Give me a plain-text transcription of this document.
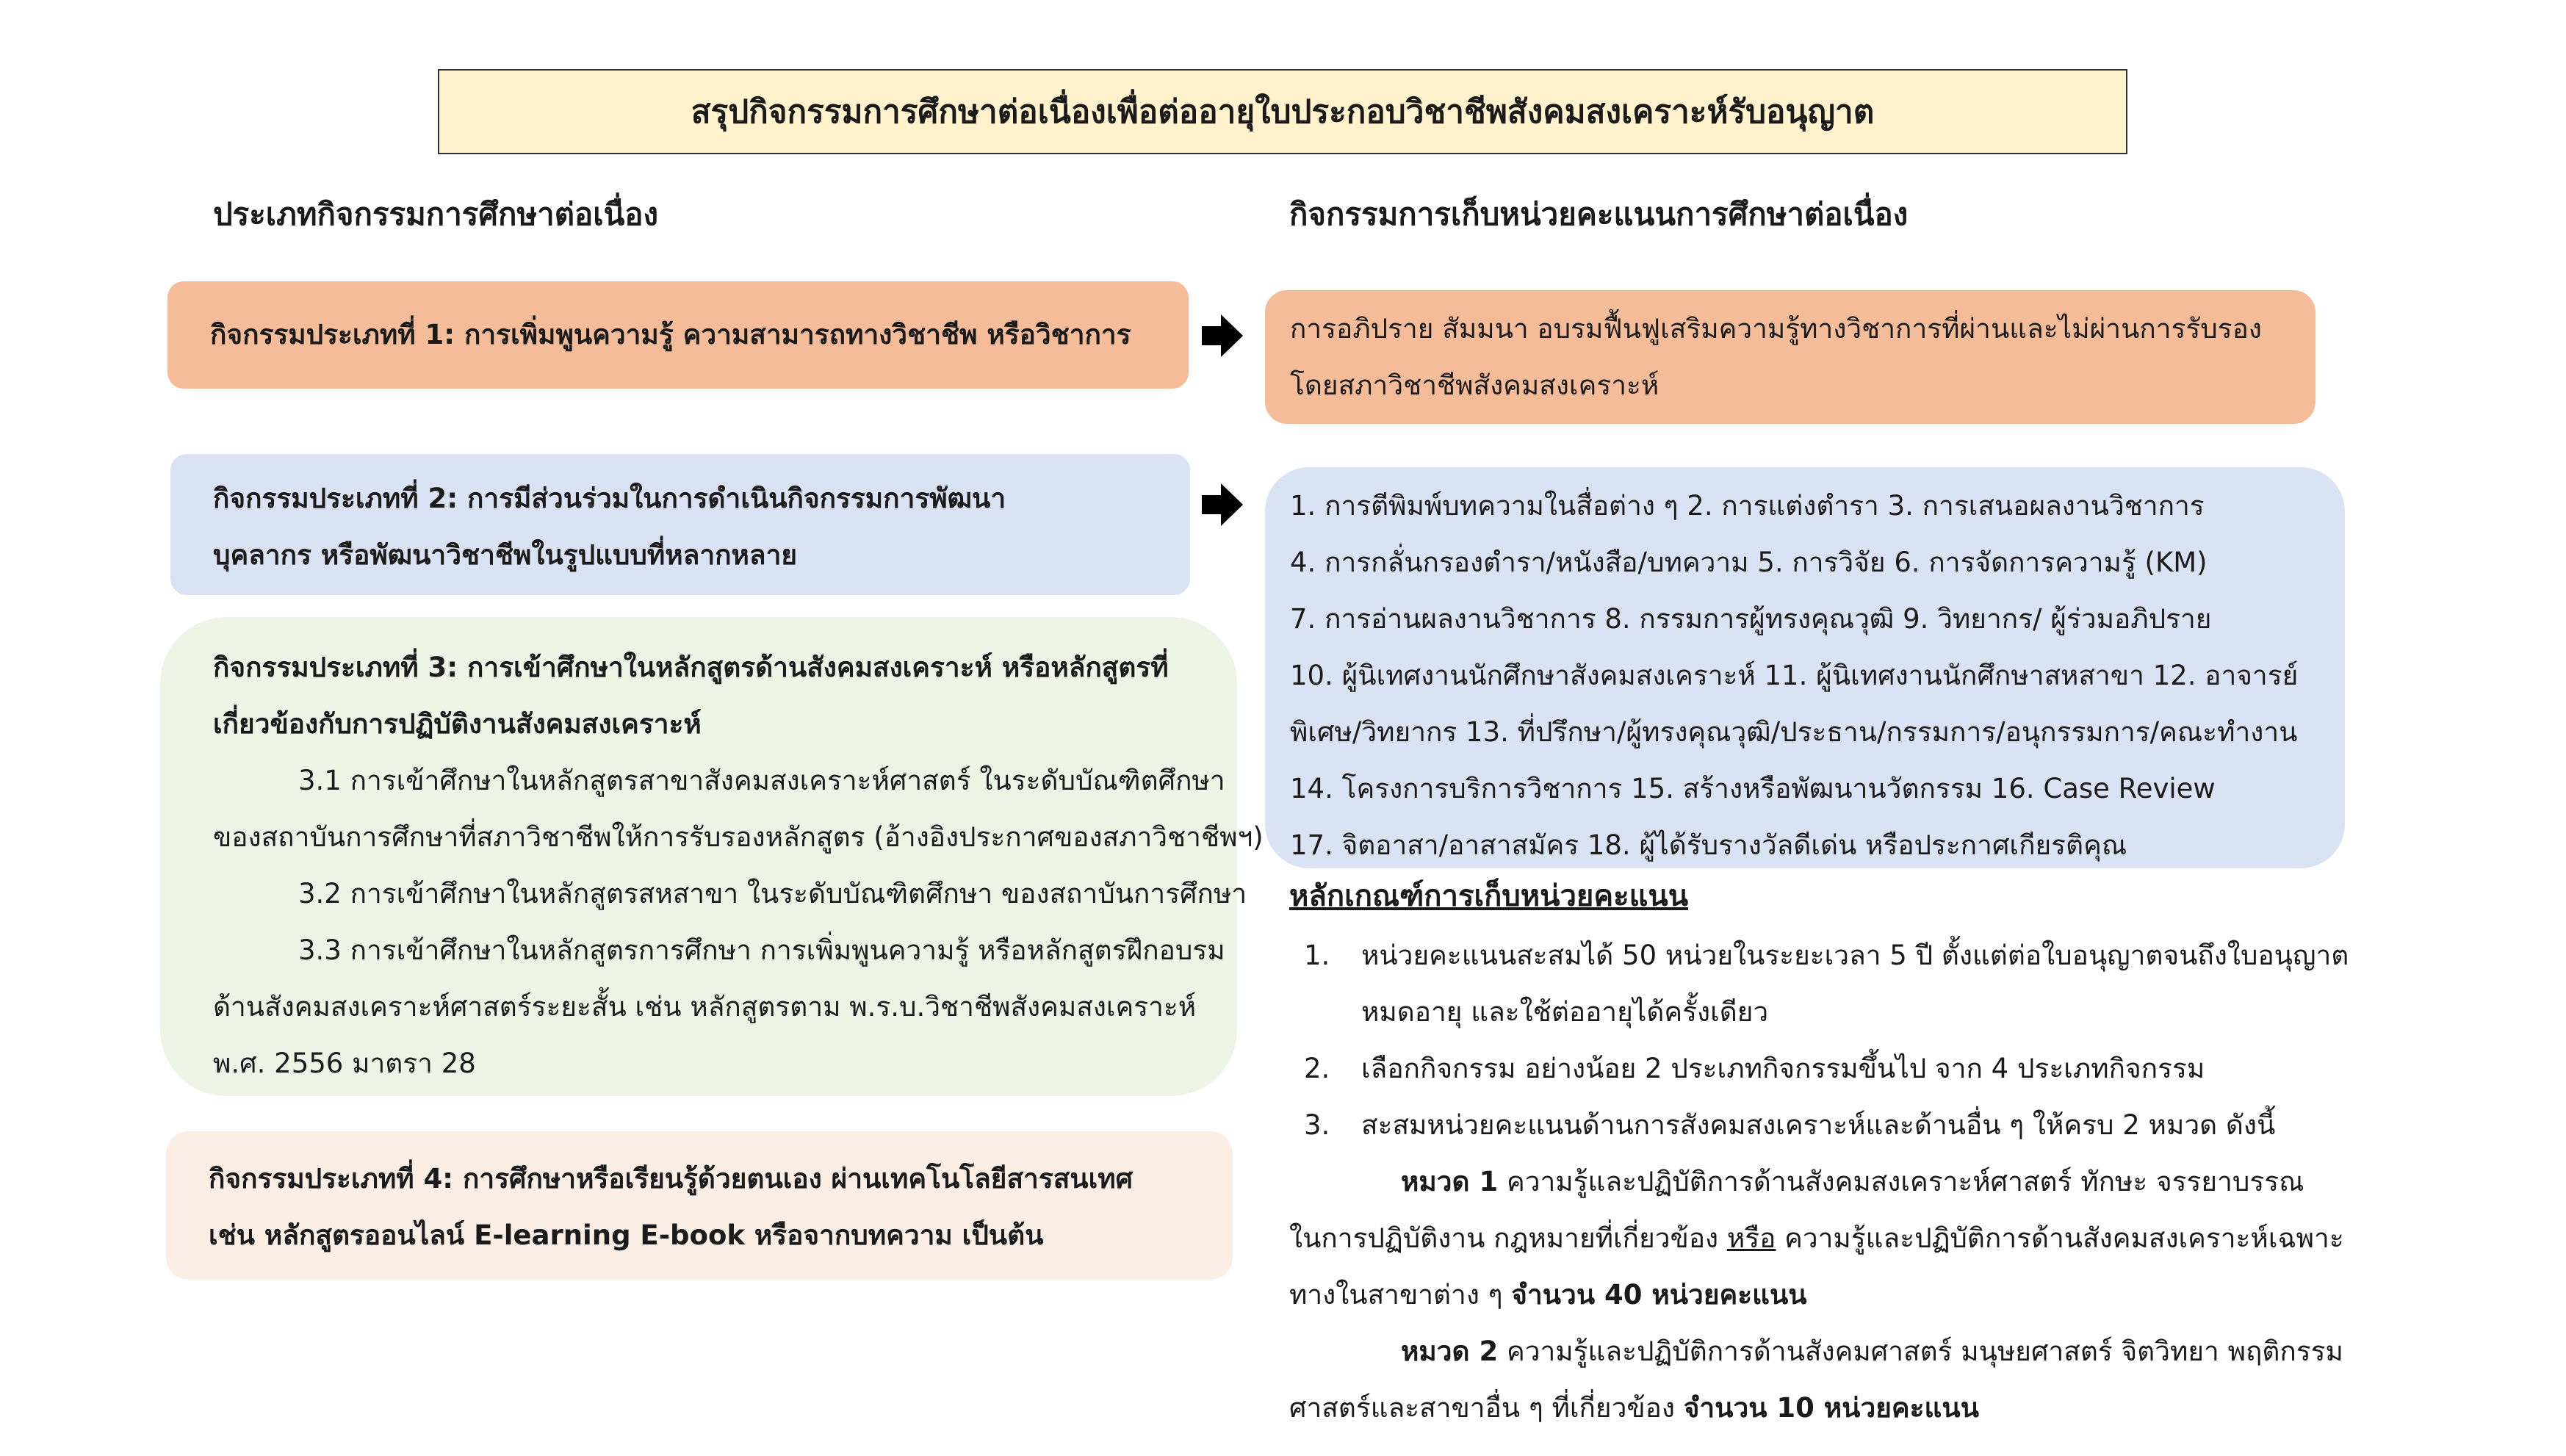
สรุปกิจกรรมการศึกษาต่อเนื่องเพื่อต่ออายุใบประกอบวิชาชีพสังคมสงเคราะห์รับอนุญาต
ประเภทกิจกรรมการศึกษาต่อเนื่อง	กิจกรรมการเก็บหน่วยคะแนนการศึกษาต่อเนื่อง
กิจกรรมประเภทที่ 1: การเพิ่มพูนความรู้ ความสามารถทางวิชาชีพ หรือวิชาการ	การอภิปราย สัมมนา อบรมฟื้นฟูเสริมความรู้ทางวิชาการที่ผ่านและไม่ผ่านการรับรอง
โดยสภาวิชาชีพสังคมสงเคราะห์
กิจกรรมประเภทที่ 2: การมีส่วนร่วมในการดำเนินกิจกรรมการพัฒนา
บุคลากร หรือพัฒนาวิชาชีพในรูปแบบที่หลากหลาย
1. การตีพิมพ์บทความในสื่อต่าง ๆ 2. การแต่งตำรา 3. การเสนอผลงานวิชาการ
4. การกลั่นกรองตำรา/หนังสือ/บทความ 5. การวิจัย 6. การจัดการความรู้ (KM)
7. การอ่านผลงานวิชาการ 8. กรรมการผู้ทรงคุณวุฒิ 9. วิทยากร/ ผู้ร่วมอภิปราย
10. ผู้นิเทศงานนักศึกษาสังคมสงเคราะห์ 11. ผู้นิเทศงานนักศึกษาสหสาขา 12. อาจารย์
พิเศษ/วิทยากร 13. ที่ปรึกษา/ผู้ทรงคุณวุฒิ/ประธาน/กรรมการ/อนุกรรมการ/คณะทำงาน
14. โครงการบริการวิชาการ 15. สร้างหรือพัฒนานวัตกรรม 16. Case Review
17. จิตอาสา/อาสาสมัคร 18. ผู้ได้รับรางวัลดีเด่น หรือประกาศเกียรติคุณ
กิจกรรมประเภทที่ 3: การเข้าศึกษาในหลักสูตรด้านสังคมสงเคราะห์ หรือหลักสูตรที่
เกี่ยวข้องกับการปฏิบัติงานสังคมสงเคราะห์
3.1 การเข้าศึกษาในหลักสูตรสาขาสังคมสงเคราะห์ศาสตร์ ในระดับบัณฑิตศึกษา
ของสถาบันการศึกษาที่สภาวิชาชีพให้การรับรองหลักสูตร (อ้างอิงประกาศของสภาวิชาชีพฯ)
3.2 การเข้าศึกษาในหลักสูตรสหสาขา ในระดับบัณฑิตศึกษา ของสถาบันการศึกษา
3.3 การเข้าศึกษาในหลักสูตรการศึกษา การเพิ่มพูนความรู้ หรือหลักสูตรฝึกอบรม
ด้านสังคมสงเคราะห์ศาสตร์ระยะสั้น เช่น หลักสูตรตาม พ.ร.บ.วิชาชีพสังคมสงเคราะห์
พ.ศ. 2556 มาตรา 28
กิจกรรมประเภทที่ 4: การศึกษาหรือเรียนรู้ด้วยตนเอง ผ่านเทคโนโลยีสารสนเทศ
เช่น หลักสูตรออนไลน์ E-learning E-book หรือจากบทความ เป็นต้น
หลักเกณฑ์การเก็บหน่วยคะแนน
1.	หน่วยคะแนนสะสมได้ 50 หน่วยในระยะเวลา 5 ปี ตั้งแต่ต่อใบอนุญาตจนถึงใบอนุญาต
หมดอายุ และใช้ต่ออายุได้ครั้งเดียว
2.	เลือกกิจกรรม อย่างน้อย 2 ประเภทกิจกรรมขึ้นไป จาก 4 ประเภทกิจกรรม
3.	สะสมหน่วยคะแนนด้านการสังคมสงเคราะห์และด้านอื่น ๆ ให้ครบ 2 หมวด ดังนี้
หมวด 1 ความรู้และปฏิบัติการด้านสังคมสงเคราะห์ศาสตร์ ทักษะ จรรยาบรรณ
ในการปฏิบัติงาน กฎหมายที่เกี่ยวข้อง หรือ ความรู้และปฏิบัติการด้านสังคมสงเคราะห์เฉพาะ
ทางในสาขาต่าง ๆ จำนวน 40 หน่วยคะแนน
หมวด 2 ความรู้และปฏิบัติการด้านสังคมศาสตร์ มนุษยศาสตร์ จิตวิทยา พฤติกรรม
ศาสตร์และสาขาอื่น ๆ ที่เกี่ยวข้อง จำนวน 10 หน่วยคะแนน
